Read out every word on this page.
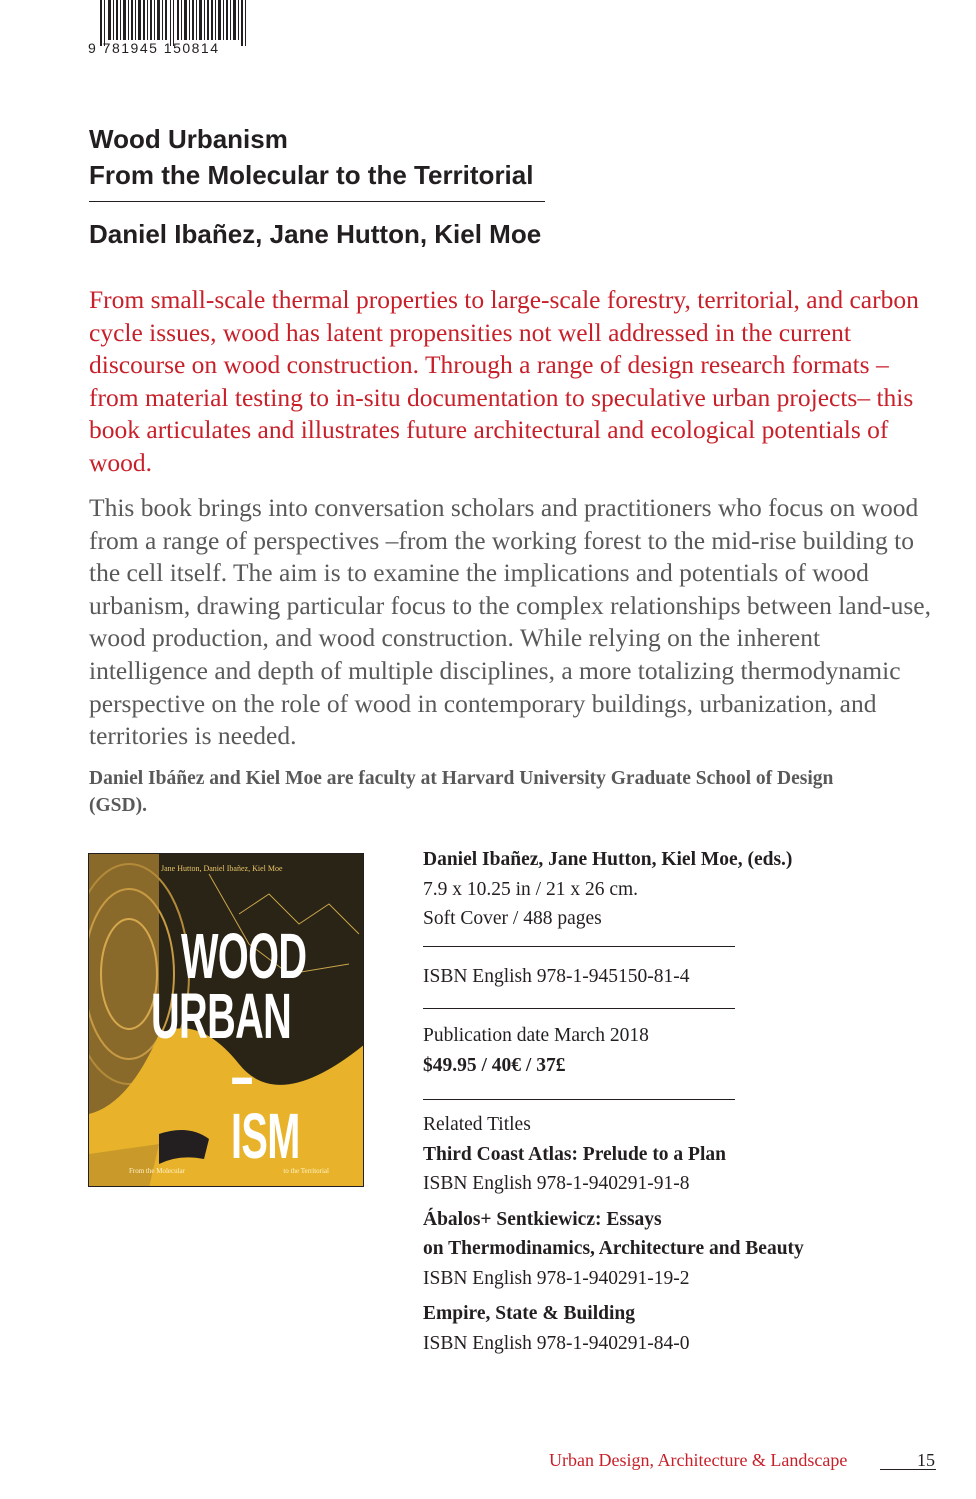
9 781945 150814
Wood Urbanism
From the Molecular to the Territorial
Daniel Ibañez, Jane Hutton, Kiel Moe

From small-scale thermal properties to large-scale forestry, territorial, and carbon cycle issues, wood has latent propensities not well addressed in the current discourse on wood construction. Through a range of design research formats –from material testing to in-situ documentation to speculative urban projects– this book articulates and illustrates future architectural and ecological potentials of wood.

This book brings into conversation scholars and practitioners who focus on wood from a range of perspectives –from the working forest to the mid-rise building to the cell itself. The aim is to examine the implications and potentials of wood urbanism, drawing particular focus to the complex relationships between land-use, wood production, and wood construction. While relying on the inherent intelligence and depth of multiple disciplines, a more totalizing thermodynamic perspective on the role of wood in contemporary buildings, urbanization, and territories is needed.

Daniel Ibáñez and Kiel Moe are faculty at Harvard University Graduate School of Design (GSD).

Jane Hutton, Daniel Ibañez, Kiel Moe
WOOD
URBAN
–ISM
From the Molecular	to the Territorial
Daniel Ibañez, Jane Hutton, Kiel Moe, (eds.)
7.9 x 10.25 in / 21 x 26 cm.
Soft Cover / 488 pages
ISBN English 978-1-945150-81-4
Publication date March 2018
$49.95 / 40€ / 37£
Related Titles
Third Coast Atlas: Prelude to a Plan
ISBN English 978-1-940291-91-8
Ábalos+ Sentkiewicz: Essays
on Thermodinamics, Architecture and Beauty
ISBN English 978-1-940291-19-2
Empire, State & Building
ISBN English 978-1-940291-84-0
Urban Design, Architecture & Landscape	15
